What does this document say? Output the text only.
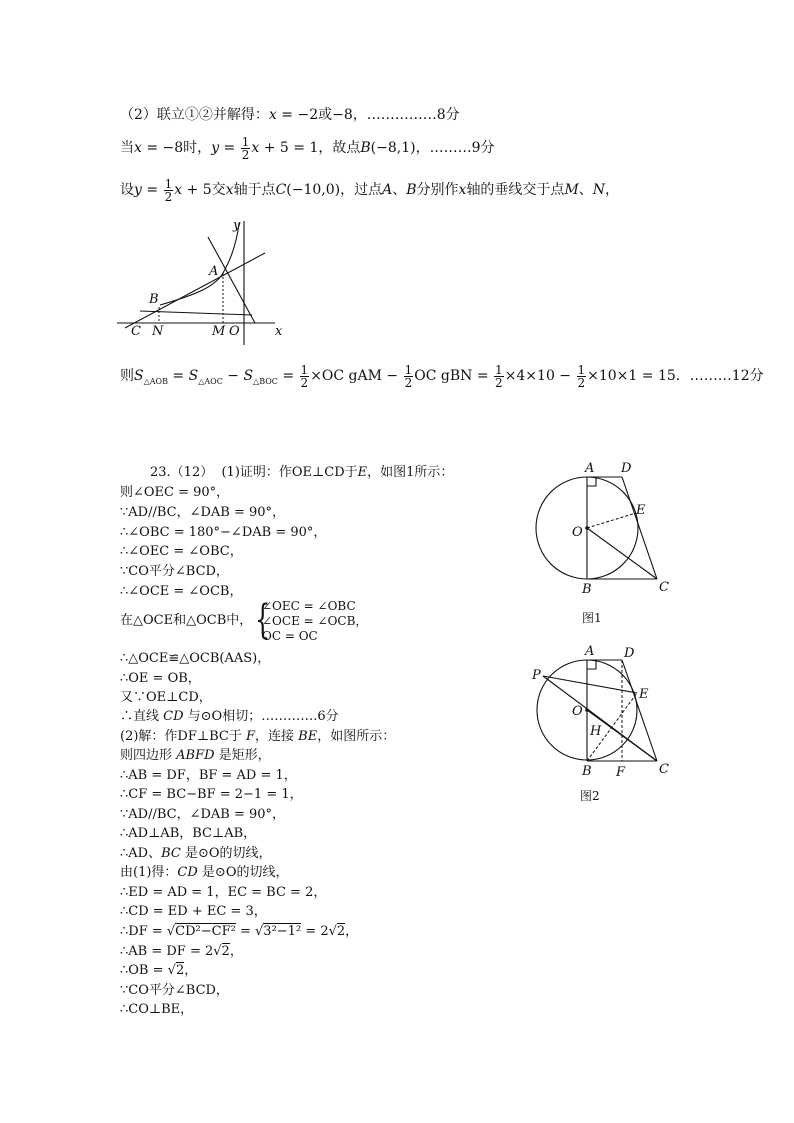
（2）联立①②并解得：x = −2或−8，……………8分
当x = −8时，$y = \frac{1}{2}$ x + 5 = 1，故点B(−8,1)，………9分
设$y = \frac{1}{2}$ x + 5交x轴于点C(−10,0)，过点A、B分别作x轴的垂线交于点M、N，
y
x
A
B
C N	M O
则$S_{\triangle AOB} = S_{\triangle AOC} - S_{\triangle BOC} = \frac{1}{2} \times OC$ gAM − $\frac{1}{2}$ OC gBN = $\frac{1}{2} \times 4\times 10 - \frac{1}{2} \times 10\times 1 = 15$．………12分
23.（12） (1)证明：作OE⊥CD于E，如图1所示：
则∠OEC = 90°，
∵AD//BC，∠DAB = 90°，
∴∠OBC = 180°−∠DAB = 90°，
∴∠OEC = ∠OBC，
∵CO平分∠BCD，
∴∠OCE = ∠OCB，
在△OCE和△OCB中， {
∠OEC = ∠OBC
∠OCE = ∠OCB，
OC = OC
∴△OCE≌△OCB(AAS)，
∴OE = OB，
又∵OE⊥CD，
∴直线 CD 与⊙O相切；………….6分
(2)解：作DF⊥BC于 F，连接 BE，如图所示：
则四边形 ABFD 是矩形，
∴AB = DF，BF = AD = 1，
∴CF = BC−BF = 2−1 = 1，
∵AD//BC，∠DAB = 90°，
∴AD⊥AB，BC⊥AB，
∴AD、BC 是⊙O的切线，
由(1)得：CD 是⊙O的切线，
∴ED = AD = 1，EC = BC = 2，
∴CD = ED + EC = 3，
∴DF = √CD²−CF² = √3²−1² = 2√2，
∴AB = DF = 2√2，
∴OB = √2，
∵CO平分∠BCD，
∴CO⊥BE，
A D
E
O
B	C
图1
A D
P
E
O
H
B F	C
图2
